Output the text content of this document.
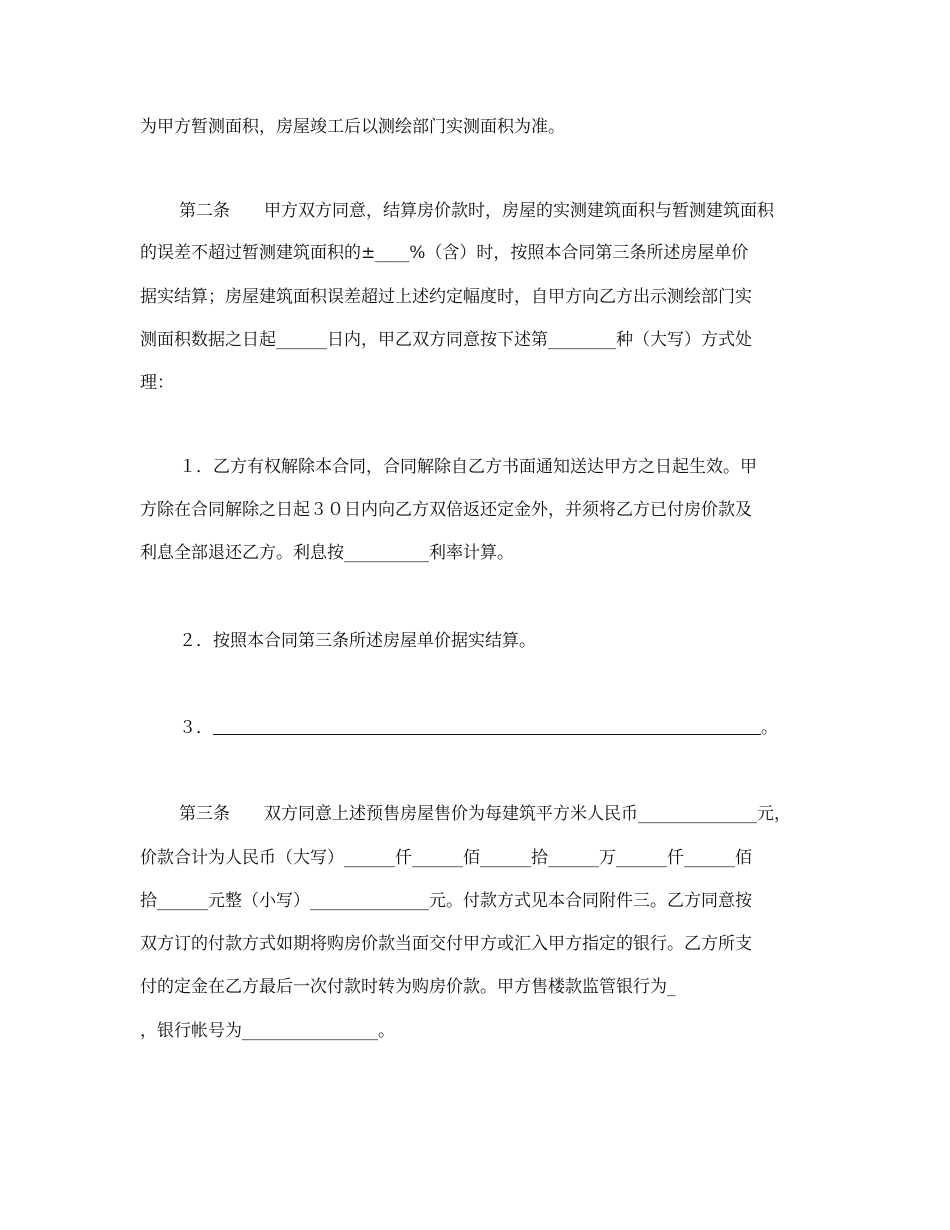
为甲方暂测面积，房屋竣工后以测绘部门实测面积为准。

第二条 甲方双方同意，结算房价款时，房屋的实测建筑面积与暂测建筑面积

的误差不超过暂测建筑面积的±____%（含）时，按照本合同第三条所述房屋单价

据实结算；房屋建筑面积误差超过上述约定幅度时，自甲方向乙方出示测绘部门实

测面积数据之日起______日内，甲乙双方同意按下述第________种（大写）方式处

理：

１．乙方有权解除本合同，合同解除自乙方书面通知送达甲方之日起生效。甲

方除在合同解除之日起３０日内向乙方双倍返还定金外，并须将乙方已付房价款及

利息全部退还乙方。利息按__________利率计算。

２．按照本合同第三条所述房屋单价据实结算。

３．	。

第三条 双方同意上述预售房屋售价为每建筑平方米人民币______________元，

价款合计为人民币（大写）______仟______佰______拾______万______仟______佰

拾______元整（小写）______________元。付款方式见本合同附件三。乙方同意按

双方订的付款方式如期将购房价款当面交付甲方或汇入甲方指定的银行。乙方所支

付的定金在乙方最后一次付款时转为购房价款。甲方售楼款监管银行为_

，银行帐号为________________。
